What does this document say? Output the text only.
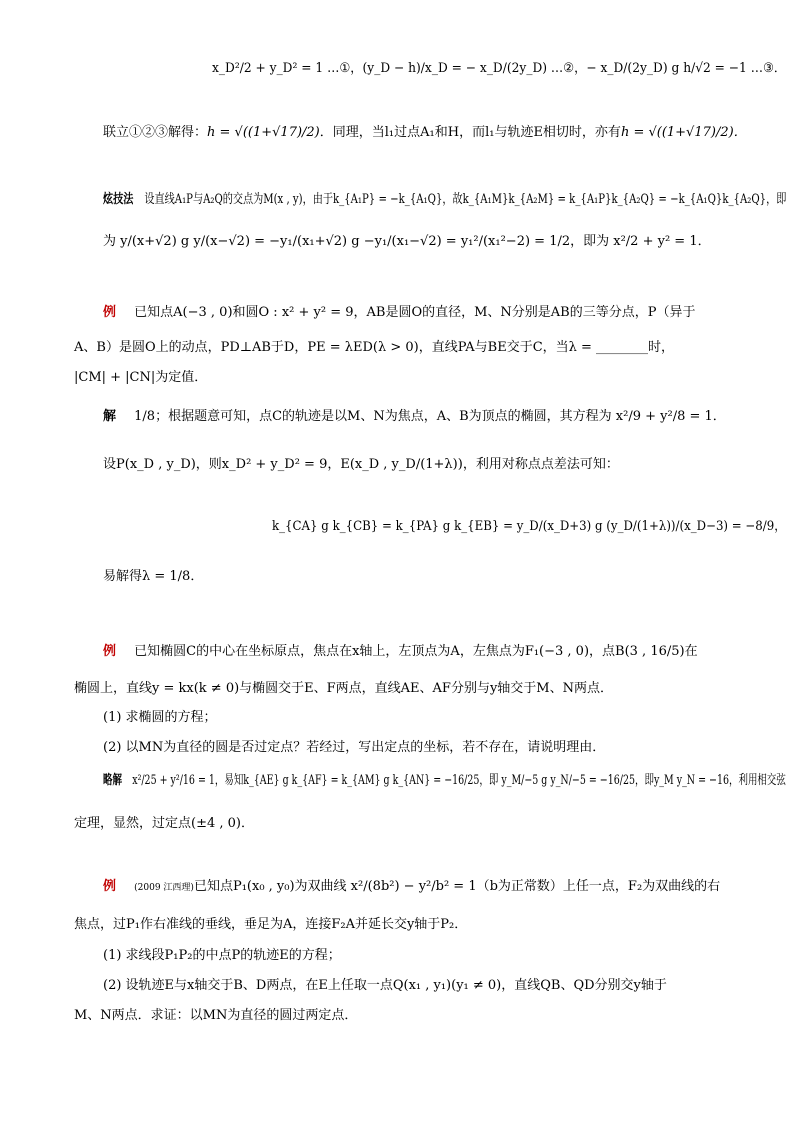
x_D²/2 + y_D² = 1 …①，(y_D − h)/x_D = − x_D/(2y_D) …②，− x_D/(2y_D) g h/√2 = −1 …③．
联立①②③解得：h = √((1+√17)/2)．同理，当l₁过点A₁和H，而l₁与轨迹E相切时，亦有h = √((1+√17)/2)．
炫技法 设直线A₁P与A₂Q的交点为M(x , y)，由于k_{A₁P} = −k_{A₁Q}，故k_{A₁M}k_{A₂M} = k_{A₁P}k_{A₂Q} = −k_{A₁Q}k_{A₂Q}，即
为 y/(x+√2) g y/(x−√2) = −y₁/(x₁+√2) g −y₁/(x₁−√2) = y₁²/(x₁²−2) = 1/2，即为 x²/2 + y² = 1．
例 已知点A(−3 , 0)和圆O : x² + y² = 9，AB是圆O的直径，M、N分别是AB的三等分点，P（异于
A、B）是圆O上的动点，PD⊥AB于D，PE = λED(λ > 0)，直线PA与BE交于C，当λ = ________时，
|CM| + |CN|为定值．
解 1/8；根据题意可知，点C的轨迹是以M、N为焦点，A、B为顶点的椭圆，其方程为 x²/9 + y²/8 = 1．
设P(x_D , y_D)，则x_D² + y_D² = 9，E(x_D , y_D/(1+λ))，利用对称点点差法可知：
k_{CA} g k_{CB} = k_{PA} g k_{EB} = y_D/(x_D+3) g (y_D/(1+λ))/(x_D−3) = −8/9，
易解得λ = 1/8．
例 已知椭圆C的中心在坐标原点，焦点在x轴上，左顶点为A，左焦点为F₁(−3 , 0)，点B(3 , 16/5)在
椭圆上，直线y = kx(k ≠ 0)与椭圆交于E、F两点，直线AE、AF分别与y轴交于M、N两点．
(1) 求椭圆的方程；
(2) 以MN为直径的圆是否过定点？若经过，写出定点的坐标，若不存在，请说明理由．
略解 x²/25 + y²/16 = 1，易知k_{AE} g k_{AF} = k_{AM} g k_{AN} = −16/25，即 y_M/−5 g y_N/−5 = −16/25，即y_M y_N = −16，利用相交弦
定理，显然，过定点(±4 , 0)．
例 (2009 江西理)已知点P₁(x₀ , y₀)为双曲线 x²/(8b²) − y²/b² = 1（b为正常数）上任一点，F₂为双曲线的右
焦点，过P₁作右准线的垂线，垂足为A，连接F₂A并延长交y轴于P₂．
(1) 求线段P₁P₂的中点P的轨迹E的方程；
(2) 设轨迹E与x轴交于B、D两点，在E上任取一点Q(x₁ , y₁)(y₁ ≠ 0)，直线QB、QD分别交y轴于
M、N两点．求证：以MN为直径的圆过两定点．
